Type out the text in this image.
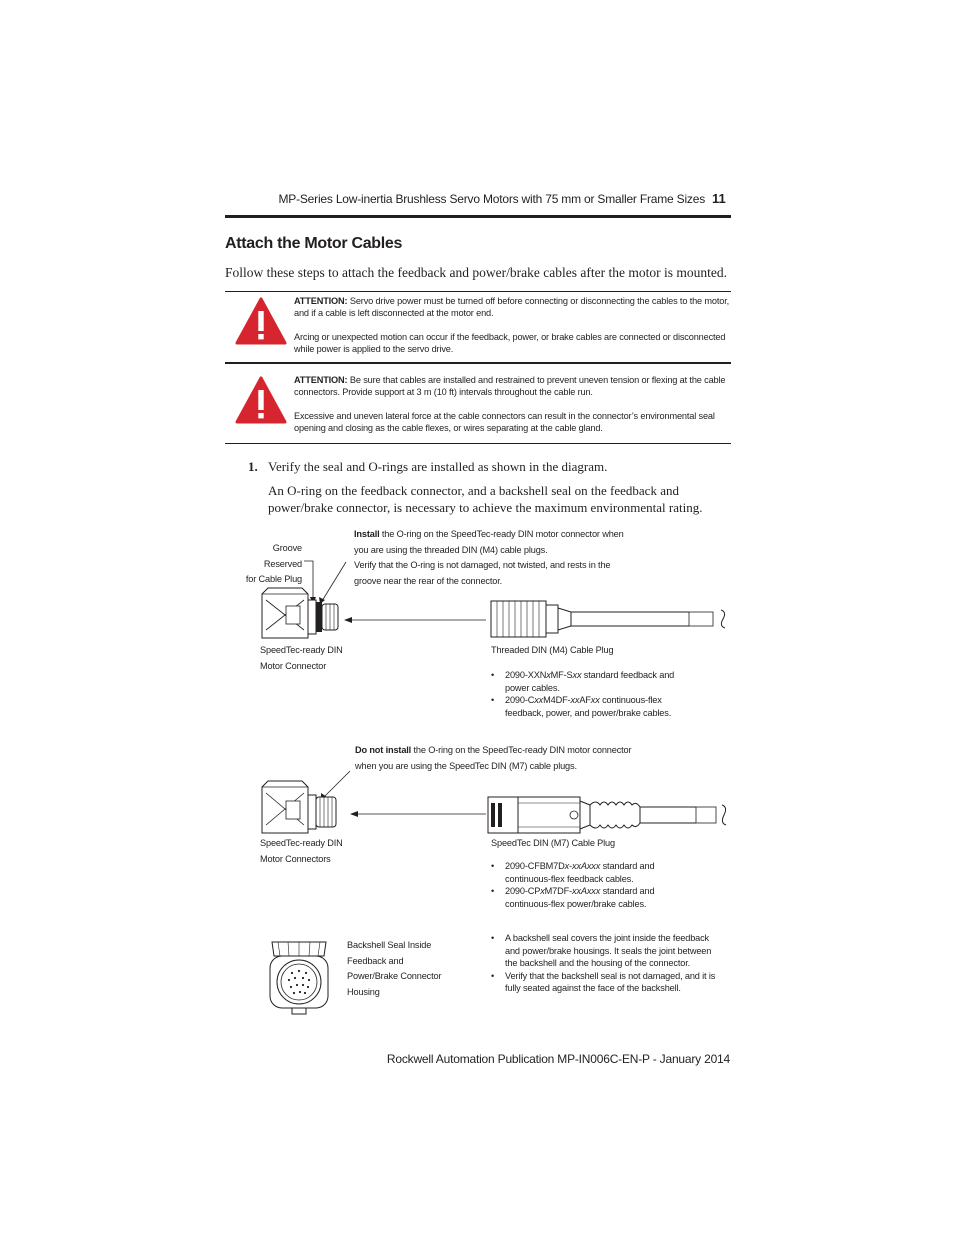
MP-Series Low-inertia Brushless Servo Motors with 75 mm or Smaller Frame Sizes 11
Attach the Motor Cables
Follow these steps to attach the feedback and power/brake cables after the motor is mounted.

ATTENTION: Servo drive power must be turned off before connecting or disconnecting the cables to the motor, and if a cable is left disconnected at the motor end.

Arcing or unexpected motion can occur if the feedback, power, or brake cables are connected or disconnected while power is applied to the servo drive.

ATTENTION: Be sure that cables are installed and restrained to prevent uneven tension or flexing at the cable connectors. Provide support at 3 m (10 ft) intervals throughout the cable run.

Excessive and uneven lateral force at the cable connectors can result in the connector’s environmental seal opening and closing as the cable flexes, or wires separating at the cable gland.

1. Verify the seal and O-rings are installed as shown in the diagram.
An O-ring on the feedback connector, and a backshell seal on the feedback and power/brake connector, is necessary to achieve the maximum environmental rating.
Groove Reserved
for Cable Plug
Install the O-ring on the SpeedTec-ready DIN motor connector when you are using the threaded DIN (M4) cable plugs.
Verify that the O-ring is not damaged, not twisted, and rests in the groove near the rear of the connector.
SpeedTec-ready DIN
Motor Connector
Threaded DIN (M4) Cable Plug
• 2090-XXNxMF-Sxx standard feedback and power cables.
• 2090-CxxM4DF-xxAFxx continuous-flex feedback, power, and power/brake cables.
Do not install the O-ring on the SpeedTec-ready DIN motor connector when you are using the SpeedTec DIN (M7) cable plugs.
SpeedTec-ready DIN
Motor Connectors
SpeedTec DIN (M7) Cable Plug
• 2090-CFBM7Dx-xxAxxx standard and continuous-flex feedback cables.
• 2090-CPxM7DF-xxAxxx standard and continuous-flex power/brake cables.
Backshell Seal Inside
Feedback and
Power/Brake Connector
Housing
• A backshell seal covers the joint inside the feedback and power/brake housings. It seals the joint between the backshell and the housing of the connector.
• Verify that the backshell seal is not damaged, and it is fully seated against the face of the backshell.
Rockwell Automation Publication MP-IN006C-EN-P - January 2014
